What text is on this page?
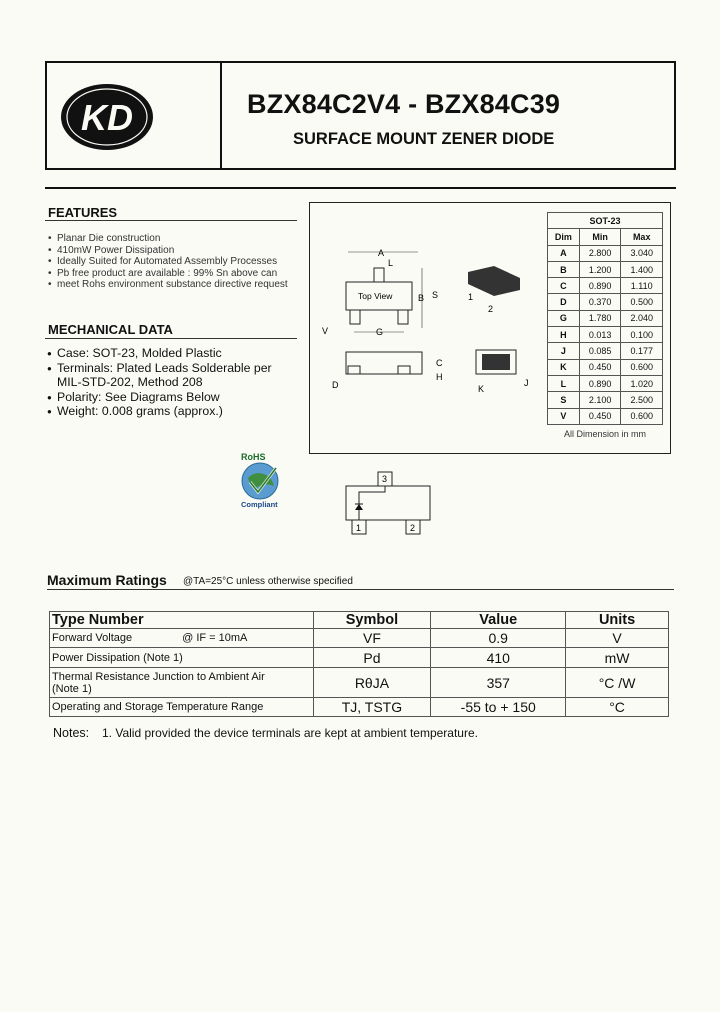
KD	BZX84C2V4 - BZX84C39
SURFACE MOUNT ZENER DIODE
FEATURES
• Planar Die construction
• 410mW Power Dissipation
• Ideally Suited for Automated Assembly Processes
• Pb free product are available : 99% Sn above can
• meet Rohs environment substance directive request
MECHANICAL DATA
● Case: SOT-23, Molded Plastic
● Terminals: Plated Leads Solderable per
MIL-STD-202, Method 208
● Polarity: See Diagrams Below
● Weight: 0.008 grams (approx.)
RoHS
Compliant
A
L
Top View	S
B
V	G
1
2
C
H
D	K
J
SOT-23		
Dim	Min	Max
A	2.800	3.040
B	1.200	1.400
C	0.890	1.110
D	0.370	0.500
G	1.780	2.040
H	0.013	0.100
J	0.085	0.177
K	0.450	0.600
L	0.890	1.020
S	2.100	2.500
V	0.450	0.600
All Dimension in mm
3
1	2
Maximum Ratings @TA=25°C unless otherwise specified
Type Number	Symbol	Value	Units
Forward Voltage @ IF = 10mA	VF	0.9	V
Power Dissipation (Note 1)	Pd	410	mW

Thermal Resistance Junction to Ambient Air
(Note 1)	RθJA	357	°C /W
Operating and Storage Temperature Range	TJ, TSTG	-55 to + 150	°C
Notes: 1. Valid provided the device terminals are kept at ambient temperature.
